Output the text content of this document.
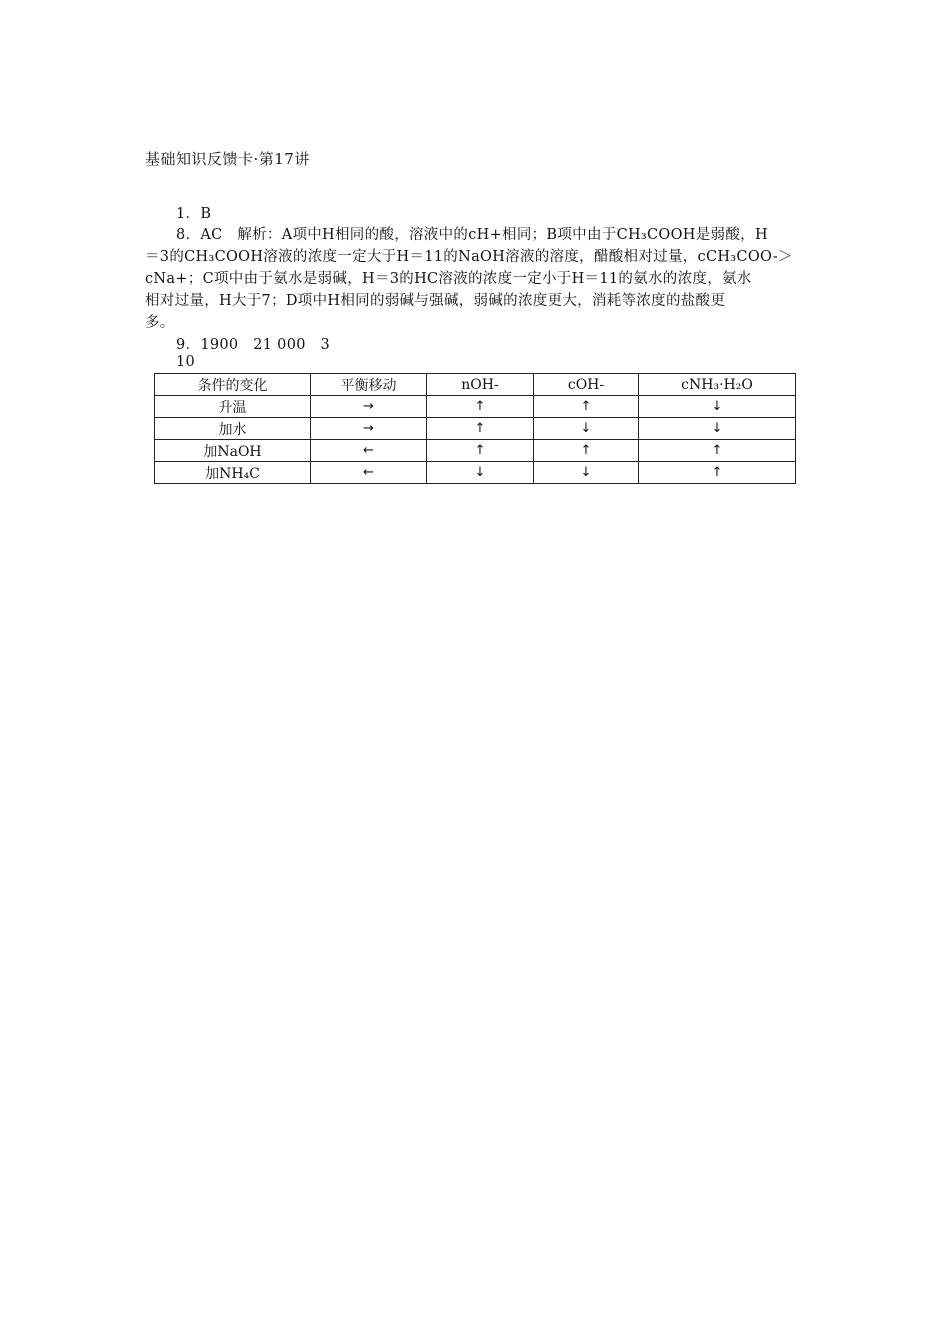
基础知识反馈卡·第17讲
1．B
8．AC　解析：A项中H相同的酸，溶液中的cH+相同；B项中由于CH₃COOH是弱酸，H
＝3的CH₃COOH溶液的浓度一定大于H＝11的NaOH溶液的溶度，醋酸相对过量，cCH₃COO-＞
cNa+；C项中由于氨水是弱碱，H＝3的HC溶液的浓度一定小于H＝11的氨水的浓度，氨水
相对过量，H大于7；D项中H相同的弱碱与强碱，弱碱的浓度更大，消耗等浓度的盐酸更
多。
9．1900　21 000　3
10
条件的变化	平衡移动	nOH-	cOH-	cNH₃·H₂O
升温	→	↑	↑	↓
加水	→	↑	↓	↓
加NaOH	←	↑	↑	↑
加NH₄C	←	↓	↓	↑
